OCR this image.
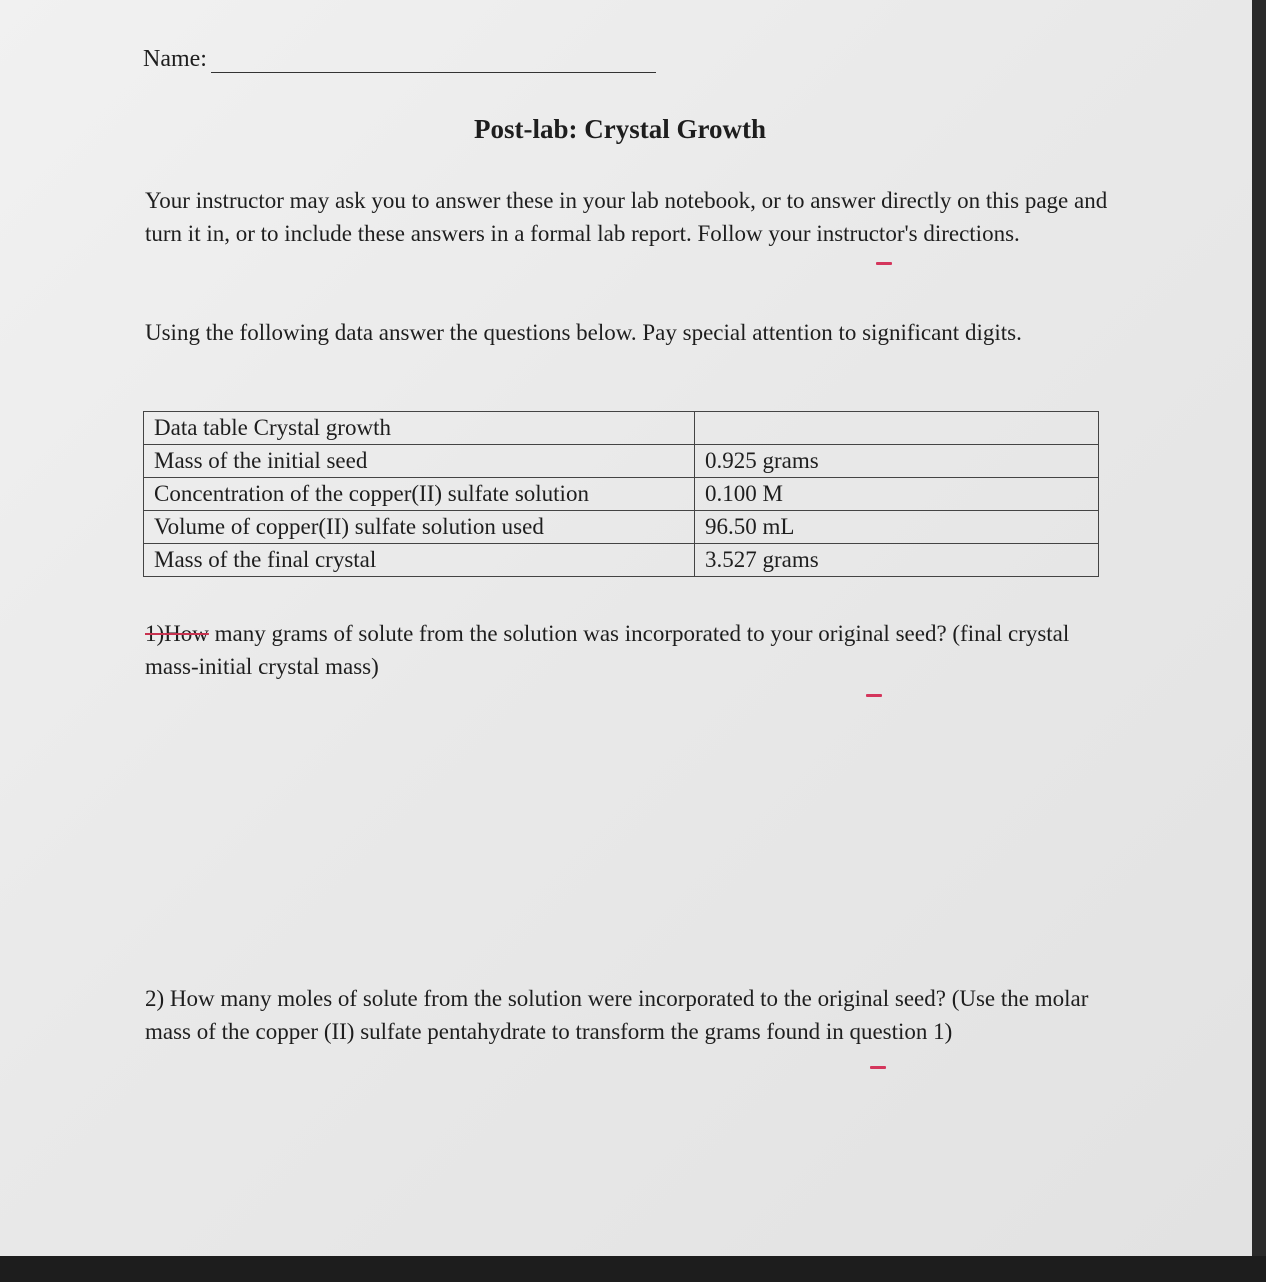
Name:
Post-lab: Crystal Growth
Your instructor may ask you to answer these in your lab notebook, or to answer directly on this page and turn it in, or to include these answers in a formal lab report. Follow your instructor's directions.
Using the following data answer the questions below. Pay special attention to significant digits.
Data table Crystal growth	
Mass of the initial seed	0.925 grams
Concentration of the copper(II) sulfate solution	0.100 M
Volume of copper(II) sulfate solution used	96.50 mL
Mass of the final crystal	3.527 grams
1)How many grams of solute from the solution was incorporated to your original seed? (final crystal mass-initial crystal mass)
2) How many moles of solute from the solution were incorporated to the original seed? (Use the molar mass of the copper (II) sulfate pentahydrate to transform the grams found in question 1)
